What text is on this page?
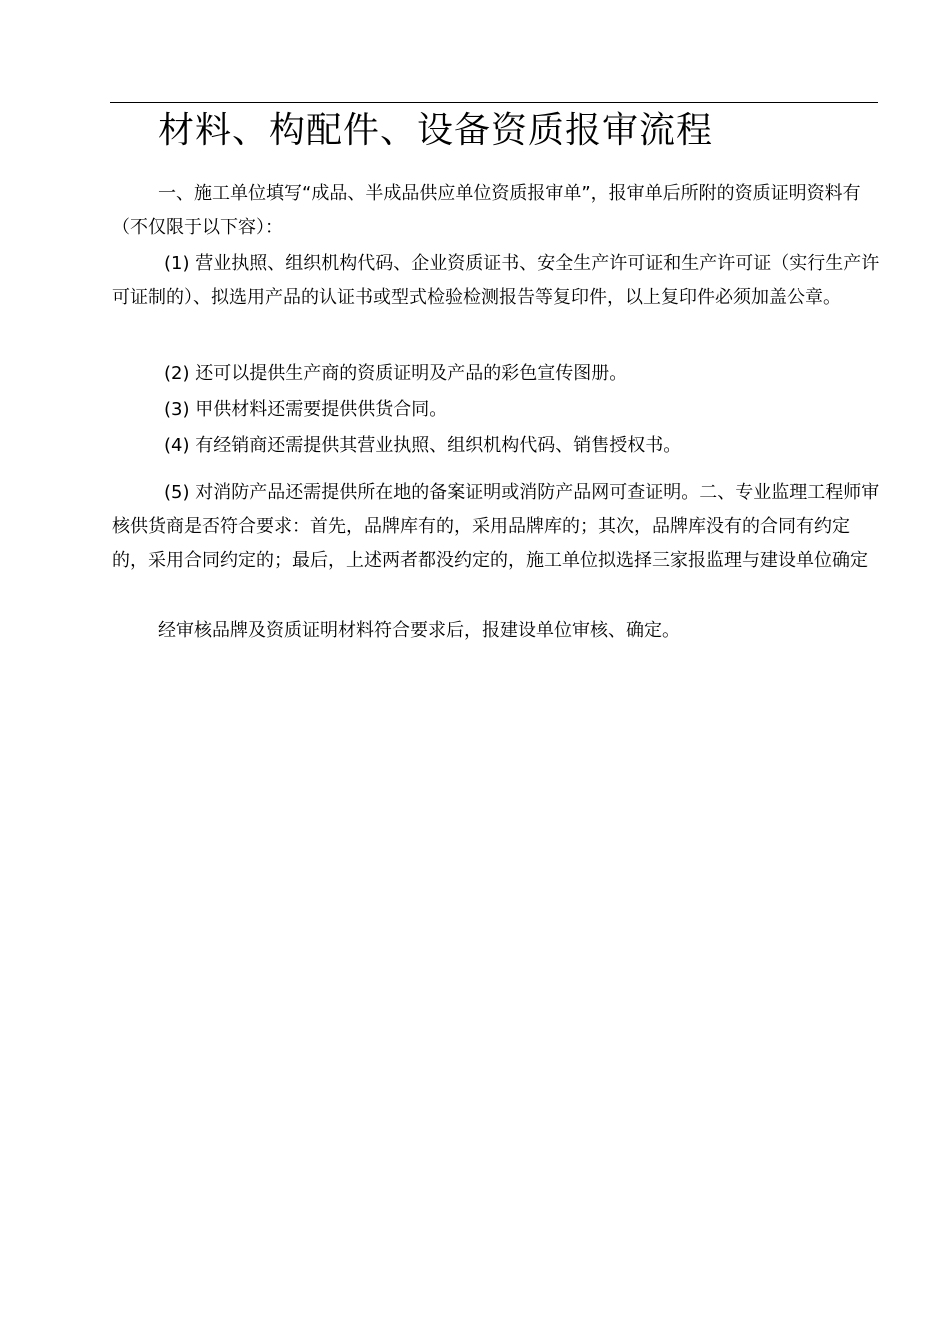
材料、构配件、设备资质报审流程

一、施工单位填写“成品、半成品供应单位资质报审单”，报审单后所附的资质证明资料有（不仅限于以下容）：

(1) 营业执照、组织机构代码、企业资质证书、安全生产许可证和生产许可证（实行生产许可证制的）、拟选用产品的认证书或型式检验检测报告等复印件，以上复印件必须加盖公章。

(2) 还可以提供生产商的资质证明及产品的彩色宣传图册。

(3) 甲供材料还需要提供供货合同。

(4) 有经销商还需提供其营业执照、组织机构代码、销售授权书。

(5) 对消防产品还需提供所在地的备案证明或消防产品网可查证明。二、专业监理工程师审核供货商是否符合要求：首先，品牌库有的，采用品牌库的；其次，品牌库没有的合同有约定的，采用合同约定的；最后，上述两者都没约定的，施工单位拟选择三家报监理与建设单位确定

经审核品牌及资质证明材料符合要求后，报建设单位审核、确定。
